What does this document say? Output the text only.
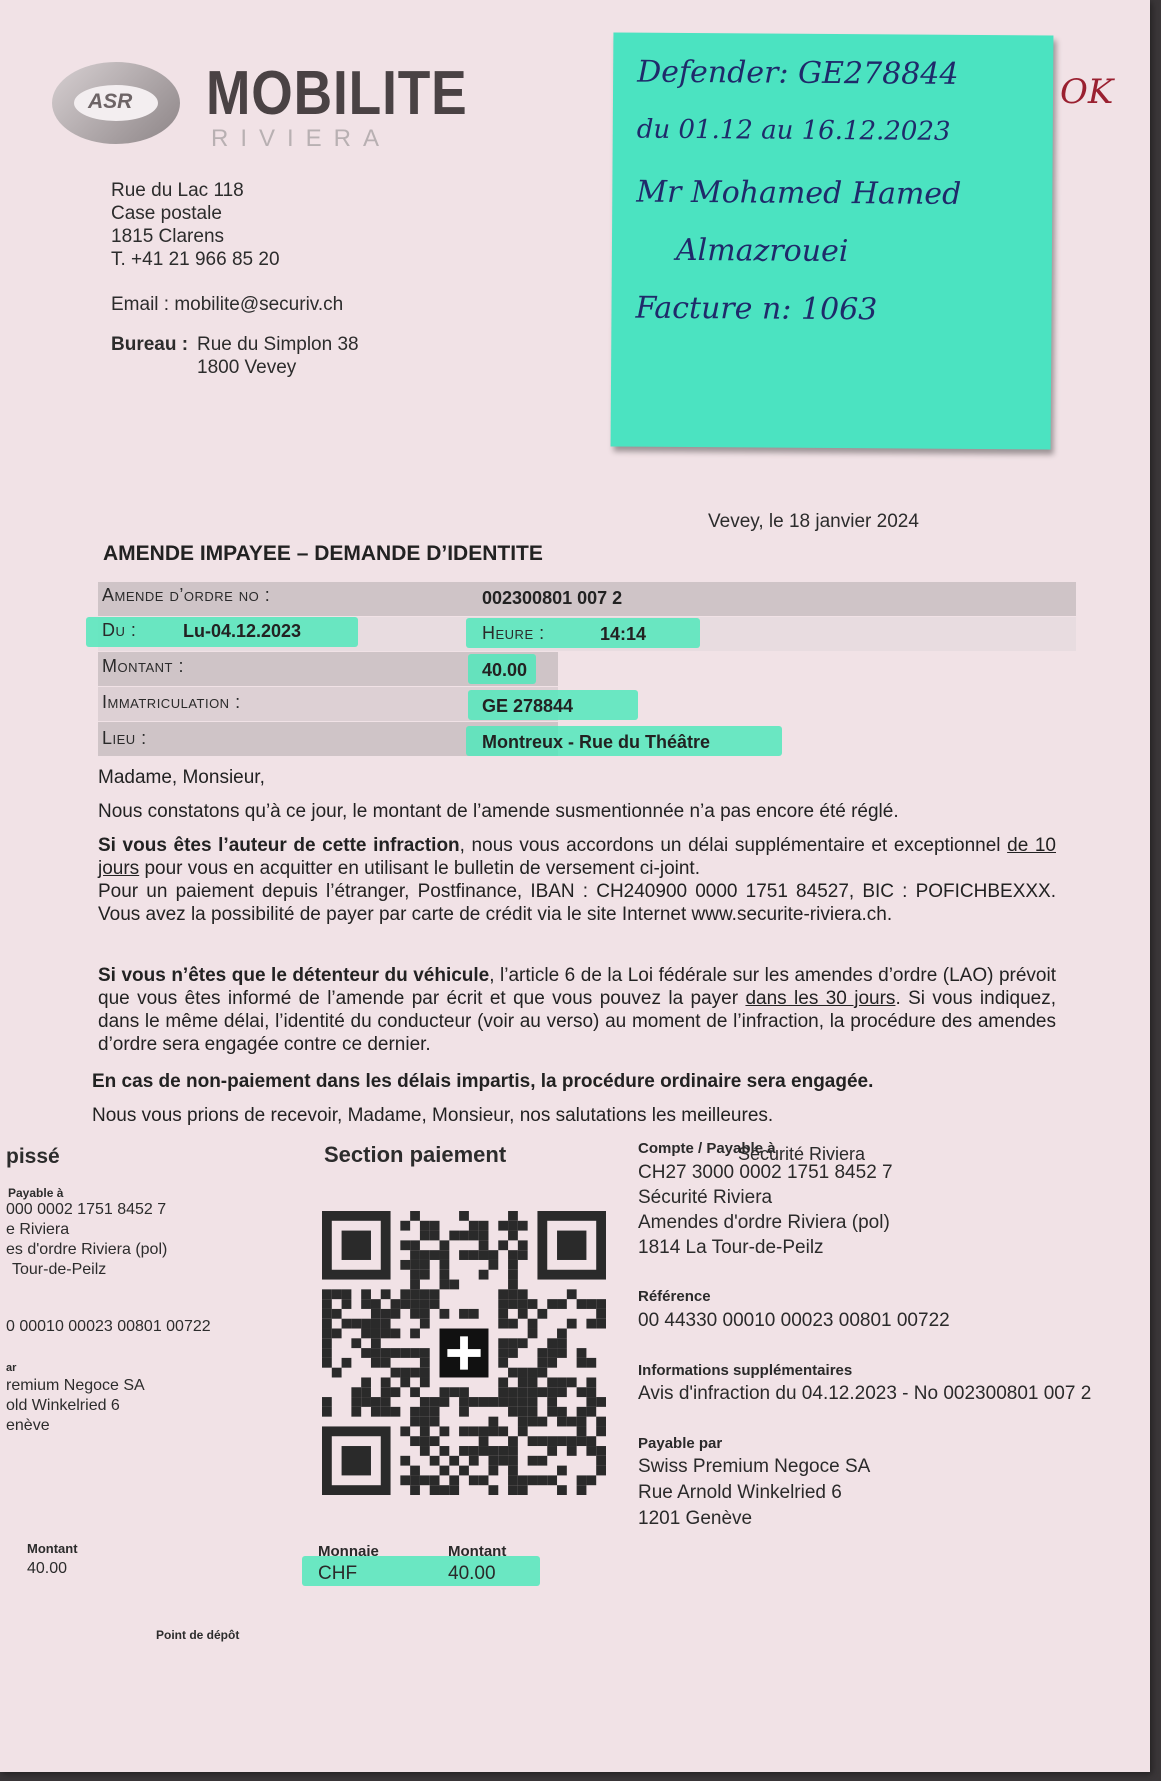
ASR MOBILITE
RIVIERA
Rue du Lac 118
Case postale
1815 Clarens
T. +41 21 966 85 20
Email : mobilite@securiv.ch
Bureau : Rue du Simplon 38
1800 Vevey
Defender: GE278844
du 01.12 au 16.12.2023
Mr Mohamed Hamed
Almazrouei
Facture n: 1063
OK
Vevey, le 18 janvier 2024
AMENDE IMPAYEE – DEMANDE D’IDENTITE
Amende d’ordre no :	002300801 007 2
Du :	Lu-04.12.2023	Heure :	14:14
Montant :	40.00
Immatriculation :	GE 278844
Lieu :	Montreux - Rue du Théâtre
Madame, Monsieur,
Nous constatons qu’à ce jour, le montant de l’amende susmentionnée n’a pas encore été réglé.
Si vous êtes l’auteur de cette infraction, nous vous accordons un délai supplémentaire et exceptionnel de 10 jours pour vous en acquitter en utilisant le bulletin de versement ci-joint.
Pour un paiement depuis l’étranger, Postfinance, IBAN : CH240900 0000 1751 84527, BIC : POFICHBEXXX. Vous avez la possibilité de payer par carte de crédit via le site Internet www.securite-riviera.ch.
Si vous n’êtes que le détenteur du véhicule, l’article 6 de la Loi fédérale sur les amendes d’ordre (LAO) prévoit que vous êtes informé de l’amende par écrit et que vous pouvez la payer dans les 30 jours. Si vous indiquez, dans le même délai, l’identité du conducteur (voir au verso) au moment de l’infraction, la procédure des amendes d’ordre sera engagée contre ce dernier.
En cas de non-paiement dans les délais impartis, la procédure ordinaire sera engagée.
Nous vous prions de recevoir, Madame, Monsieur, nos salutations les meilleures.
pissé
Payable à
000 0002 1751 8452 7
e Riviera
es d'ordre Riviera (pol)
Tour-de-Peilz
0 00010 00023 00801 00722
ar
remium Negoce SA
old Winkelried 6
enève
Montant
40.00
Point de dépôt
Section paiement	Compte / Payable à
Sécurité Riviera
CH27 3000 0002 1751 8452 7
Sécurité Riviera
Amendes d'ordre Riviera (pol)
1814 La Tour-de-Peilz
Référence
00 44330 00010 00023 00801 00722
Informations supplémentaires
Avis d'infraction du 04.12.2023 - No 002300801 007 2
Payable par
Swiss Premium Negoce SA
Rue Arnold Winkelried 6
1201 Genève
Monnaie	Montant
CHF	40.00
